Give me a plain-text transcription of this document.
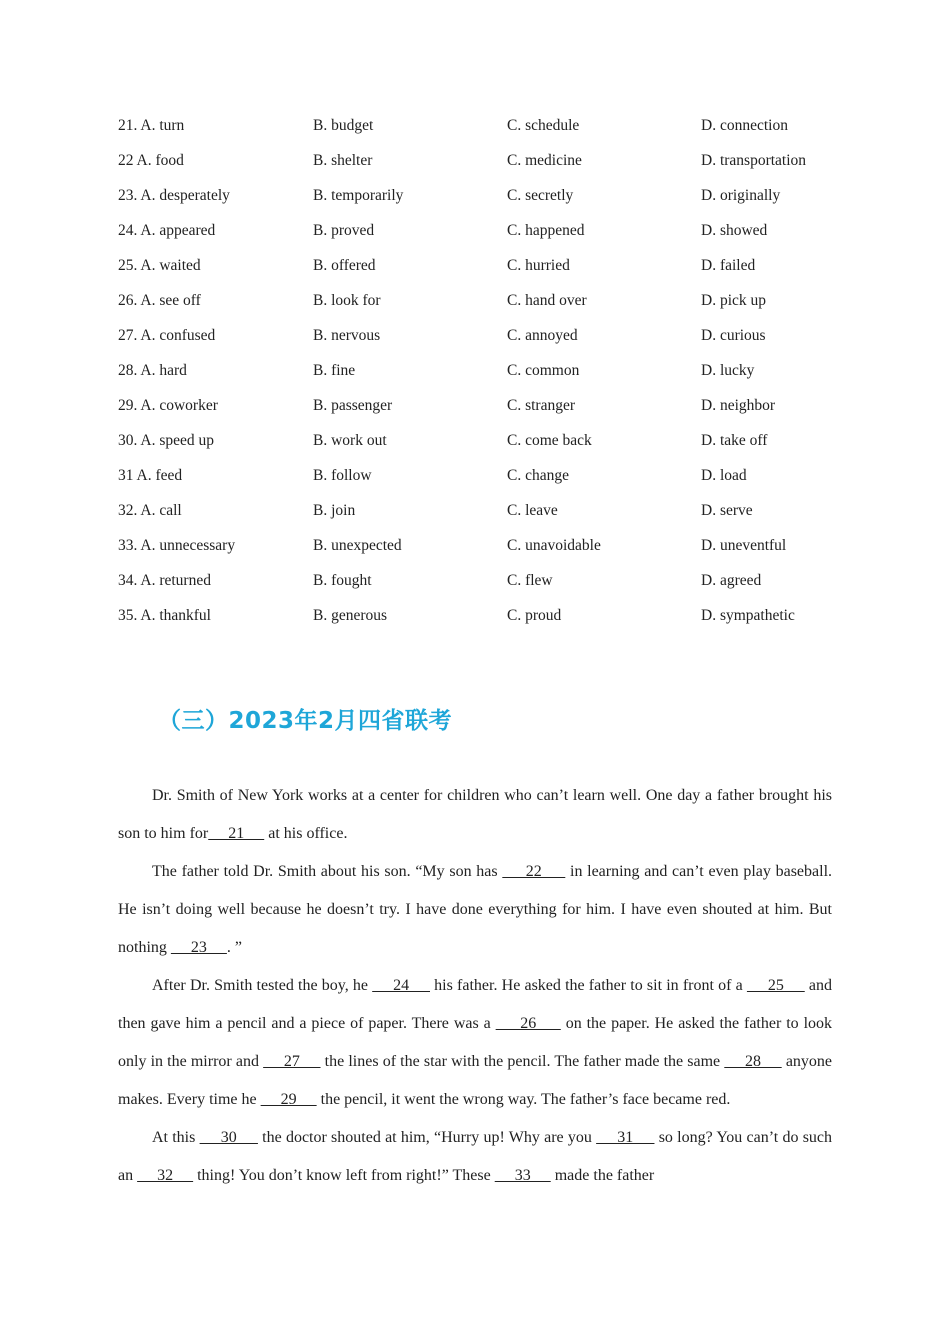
21. A. turn	B. budget	C. schedule	D. connection
22 A. food	B. shelter	C. medicine	D. transportation
23. A. desperately	B. temporarily	C. secretly	D. originally
24. A. appeared	B. proved	C. happened	D. showed
25. A. waited	B. offered	C. hurried	D. failed
26. A. see off	B. look for	C. hand over	D. pick up
27. A. confused	B. nervous	C. annoyed	D. curious
28. A. hard	B. fine	C. common	D. lucky
29. A. coworker	B. passenger	C. stranger	D. neighbor
30. A. speed up	B. work out	C. come back	D. take off
31 A. feed	B. follow	C. change	D. load
32. A. call	B. join	C. leave	D. serve
33. A. unnecessary	B. unexpected	C. unavoidable	D. uneventful
34. A. returned	B. fought	C. flew	D. agreed
35. A. thankful	B. generous	C. proud	D. sympathetic
（三）2023年2月四省联考

Dr. Smith of New York works at a center for children who can’t learn well. One day a father brought his son to him for     21      at his office.

The father told Dr. Smith about his son. “My son has      22      in learning and can’t even play baseball. He isn’t doing well because he doesn’t try. I have done everything for him. I have even shouted at him. But nothing      23     . ”

After Dr. Smith tested the boy, he      24      his father. He asked the father to sit in front of a      25      and then gave him a pencil and a piece of paper. There was a      26      on the paper. He asked the father to look only in the mirror and      27      the lines of the star with the pencil. The father made the same      28      anyone makes. Every time he      29      the pencil, it went the wrong way. The father’s face became red.

At this      30      the doctor shouted at him, “Hurry up! Why are you      31      so long? You can’t do such an      32      thing! You don’t know left from right!” These      33      made the father
